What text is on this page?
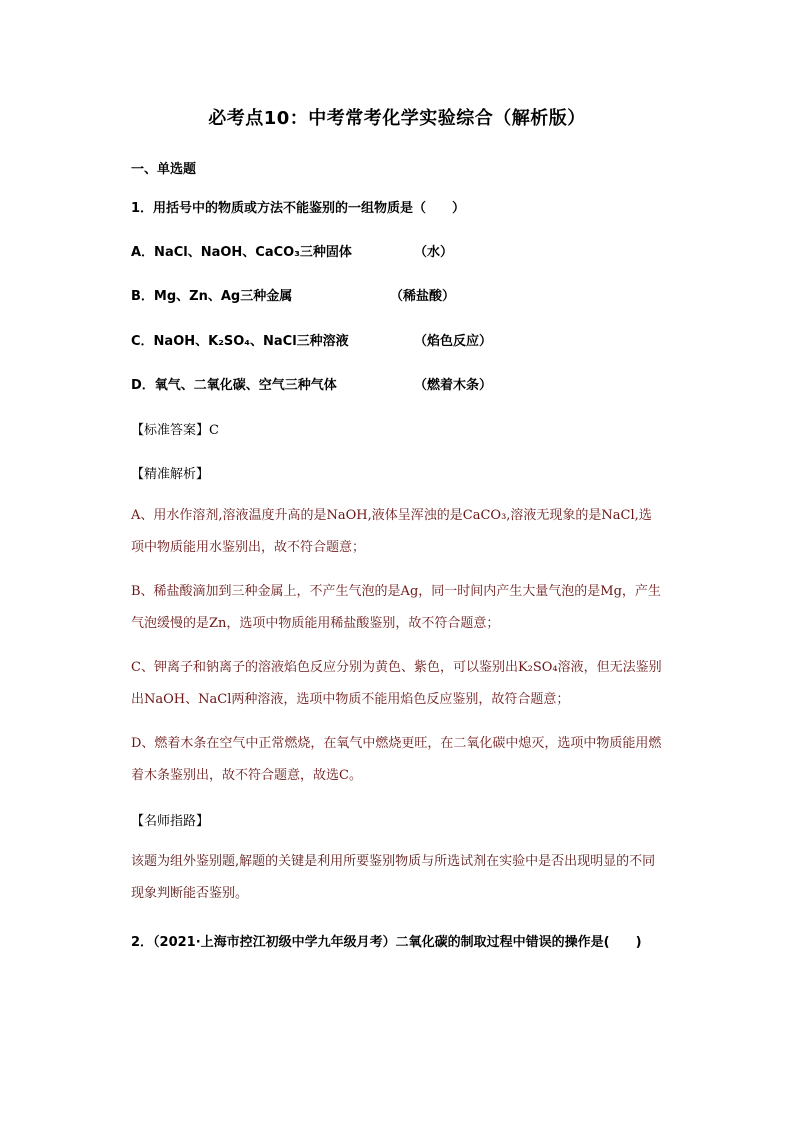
必考点10：中考常考化学实验综合（解析版）
一、单选题
1．用括号中的物质或方法不能鉴别的一组物质是（　　）
A．NaCl、NaOH、CaCO₃三种固体	（水）
B．Mg、Zn、Ag三种金属	（稀盐酸）
C．NaOH、K₂SO₄、NaCl三种溶液	（焰色反应）
D．氧气、二氧化碳、空气三种气体	（燃着木条）
【标准答案】C
【精准解析】
A、用水作溶剂,溶液温度升高的是NaOH,液体呈浑浊的是CaCO₃,溶液无现象的是NaCl,选项中物质能用水鉴别出，故不符合题意；
B、稀盐酸滴加到三种金属上，不产生气泡的是Ag，同一时间内产生大量气泡的是Mg，产生气泡缓慢的是Zn，选项中物质能用稀盐酸鉴别，故不符合题意；
C、钾离子和钠离子的溶液焰色反应分别为黄色、紫色，可以鉴别出K₂SO₄溶液，但无法鉴别出NaOH、NaCl两种溶液，选项中物质不能用焰色反应鉴别，故符合题意；
D、燃着木条在空气中正常燃烧，在氧气中燃烧更旺，在二氧化碳中熄灭，选项中物质能用燃着木条鉴别出，故不符合题意，故选C。
【名师指路】
该题为组外鉴别题,解题的关键是利用所要鉴别物质与所选试剂在实验中是否出现明显的不同现象判断能否鉴别。
2．（2021·上海市控江初级中学九年级月考）二氧化碳的制取过程中错误的操作是(　　)
